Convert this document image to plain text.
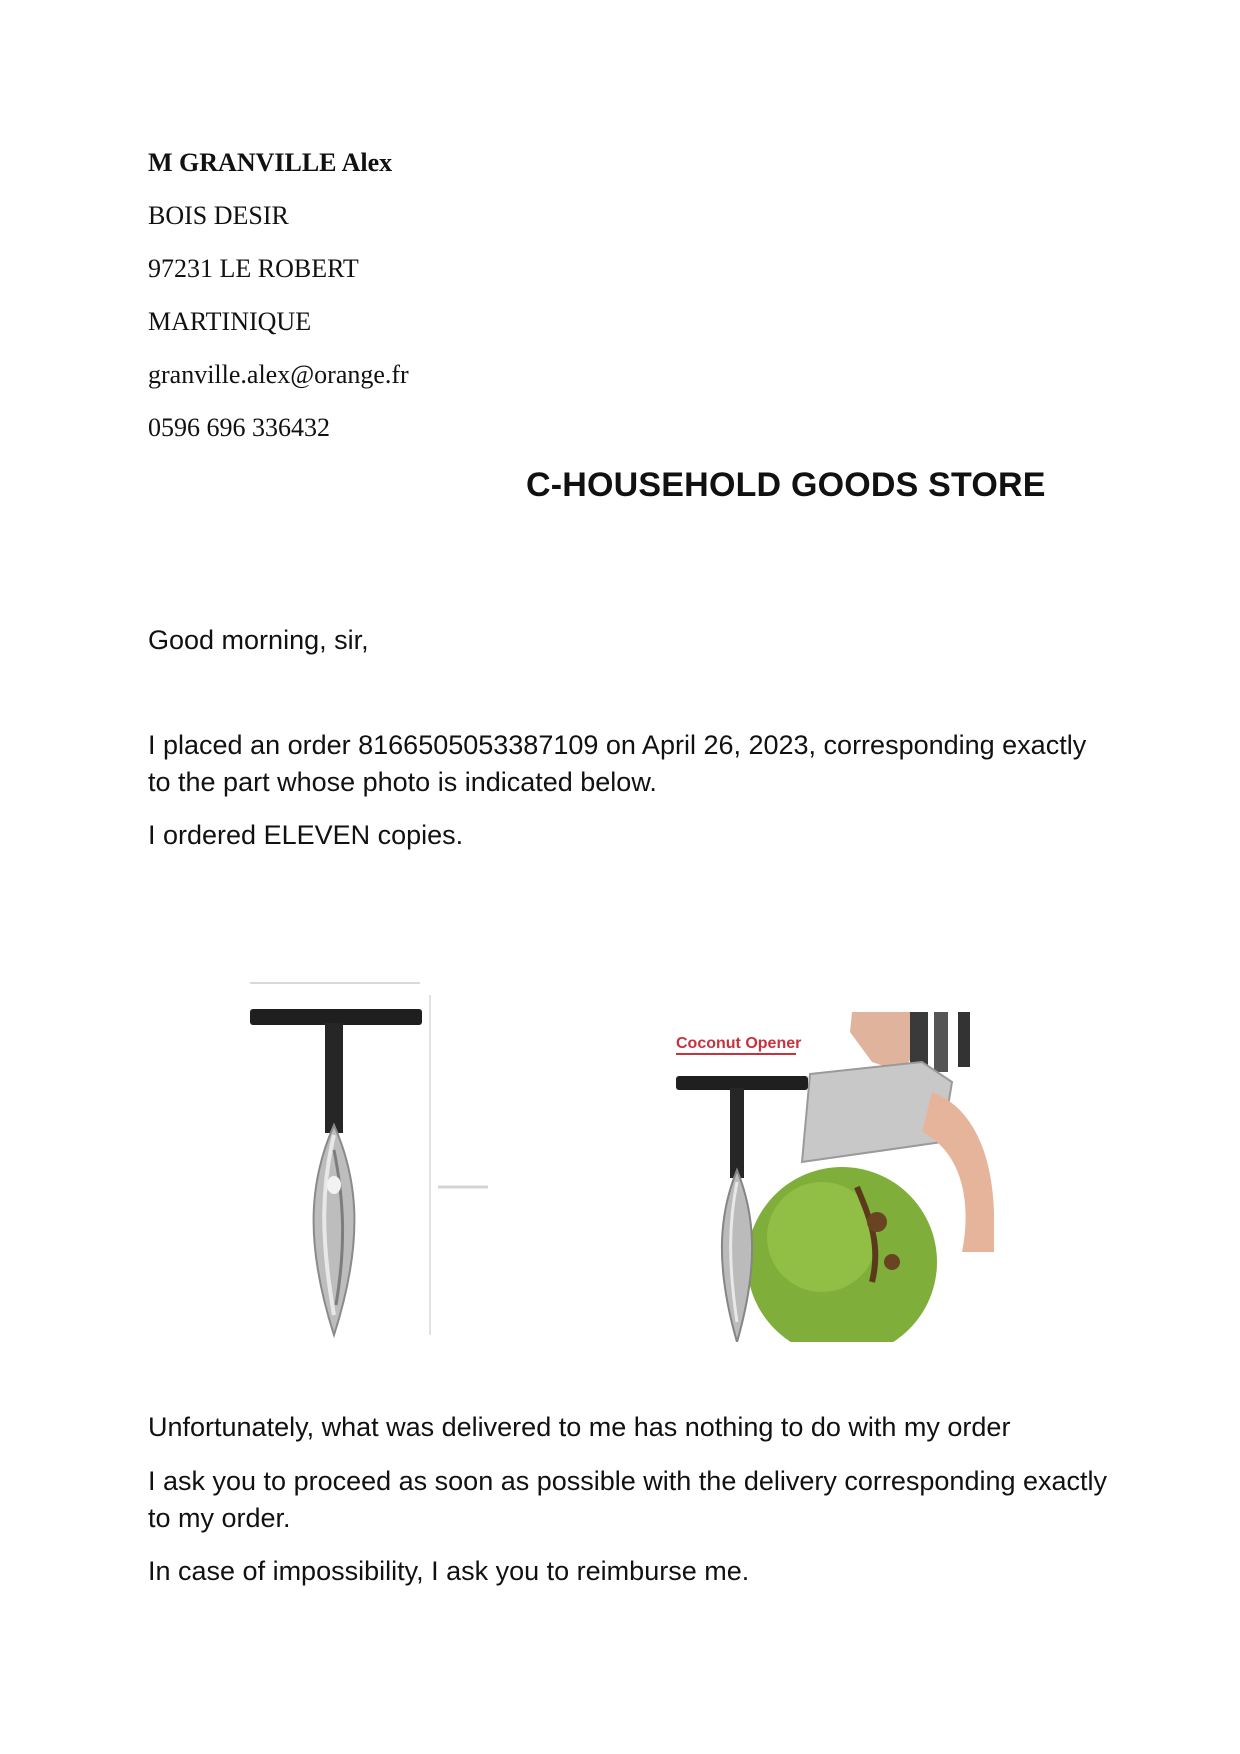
M GRANVILLE Alex
BOIS DESIR
97231 LE ROBERT
MARTINIQUE
granville.alex@orange.fr
0596 696 336432
C-HOUSEHOLD GOODS STORE
Good morning, sir,
I placed an order 8166505053387109 on April 26, 2023, corresponding exactly to the part whose photo is indicated below.
I ordered ELEVEN copies.
Coconut Opener
Unfortunately, what was delivered to me has nothing to do with my order
I ask you to proceed as soon as possible with the delivery corresponding exactly to my order.
In case of impossibility, I ask you to reimburse me.
